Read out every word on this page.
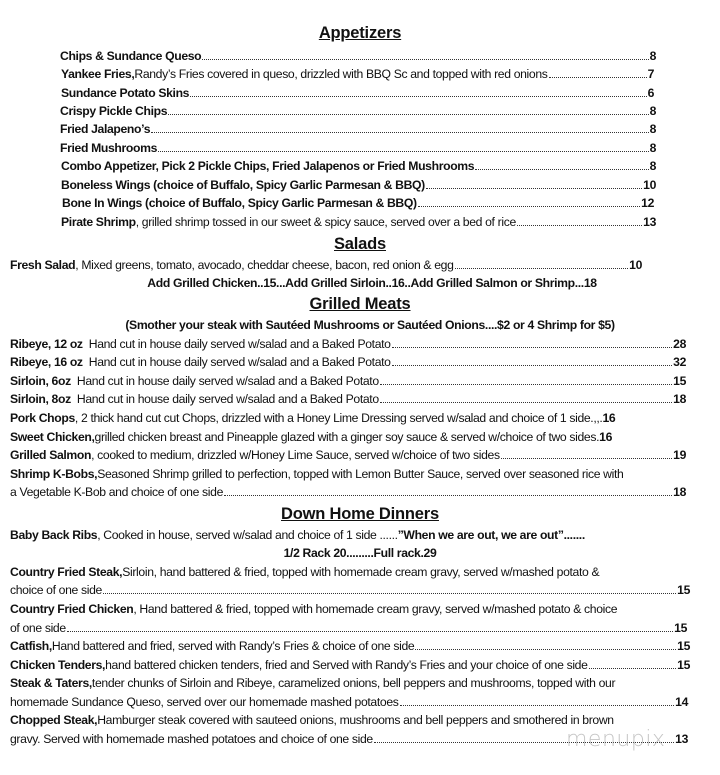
Appetizers
Chips & Sundance Queso	8
Yankee Fries, Randy’s Fries covered in queso, drizzled with BBQ Sc and topped with red onions	7
Sundance Potato Skins	6
Crispy Pickle Chips	8
Fried Jalapeno’s	8
Fried Mushrooms	8
Combo Appetizer, Pick 2 Pickle Chips, Fried Jalapenos or Fried Mushrooms	8
Boneless Wings (choice of Buffalo, Spicy Garlic Parmesan & BBQ)	10
Bone In Wings (choice of Buffalo, Spicy Garlic Parmesan & BBQ)	12
Pirate Shrimp , grilled shrimp tossed in our sweet & spicy sauce, served over a bed of rice	13
Salads
Fresh Salad , Mixed greens, tomato, avocado, cheddar cheese, bacon, red onion & egg	10
Add Grilled Chicken..15...Add Grilled Sirloin..16..Add Grilled Salmon or Shrimp...18
Grilled Meats
(Smother your steak with Sautéed Mushrooms or Sautéed Onions....$2 or 4 Shrimp for $5)
Ribeye, 12 oz Hand cut in house daily served w/salad and a Baked Potato	28
Ribeye, 16 oz Hand cut in house daily served w/salad and a Baked Potato	32
Sirloin, 6oz Hand cut in house daily served w/salad and a Baked Potato	15
Sirloin, 8oz Hand cut in house daily served w/salad and a Baked Potato	18
Pork Chops , 2 thick hand cut cut Chops, drizzled with a Honey Lime Dressing served w/salad and choice of 1 side.,,. 16
Sweet Chicken, grilled chicken breast and Pineapple glazed with a ginger soy sauce & served w/choice of two sides. 16
Grilled Salmon , cooked to medium, drizzled w/Honey Lime Sauce, served w/choice of two sides	19
Shrimp K-Bobs, Seasoned Shrimp grilled to perfection, topped with Lemon Butter Sauce, served over seasoned rice with
a Vegetable K-Bob and choice of one side	18
Down Home Dinners
Baby Back Ribs , Cooked in house, served w/salad and choice of 1 side ...... ”When we are out, we are out”.......
1/2 Rack 20.........Full rack.29
Country Fried Steak, Sirloin, hand battered & fried, topped with homemade cream gravy, served w/mashed potato &
choice of one side	15
Country Fried Chicken , Hand battered & fried, topped with homemade cream gravy, served w/mashed potato & choice
of one side	15
Catfish, Hand battered and fried, served with Randy’s Fries & choice of one side	15
Chicken Tenders, hand battered chicken tenders, fried and Served with Randy’s Fries and your choice of one side	15
Steak & Taters, tender chunks of Sirloin and Ribeye, caramelized onions, bell peppers and mushrooms, topped with our
homemade Sundance Queso, served over our homemade mashed potatoes	14
Chopped Steak, Hamburger steak covered with sauteed onions, mushrooms and bell peppers and smothered in brown
gravy. Served with homemade mashed potatoes and choice of one side	13
menupix
